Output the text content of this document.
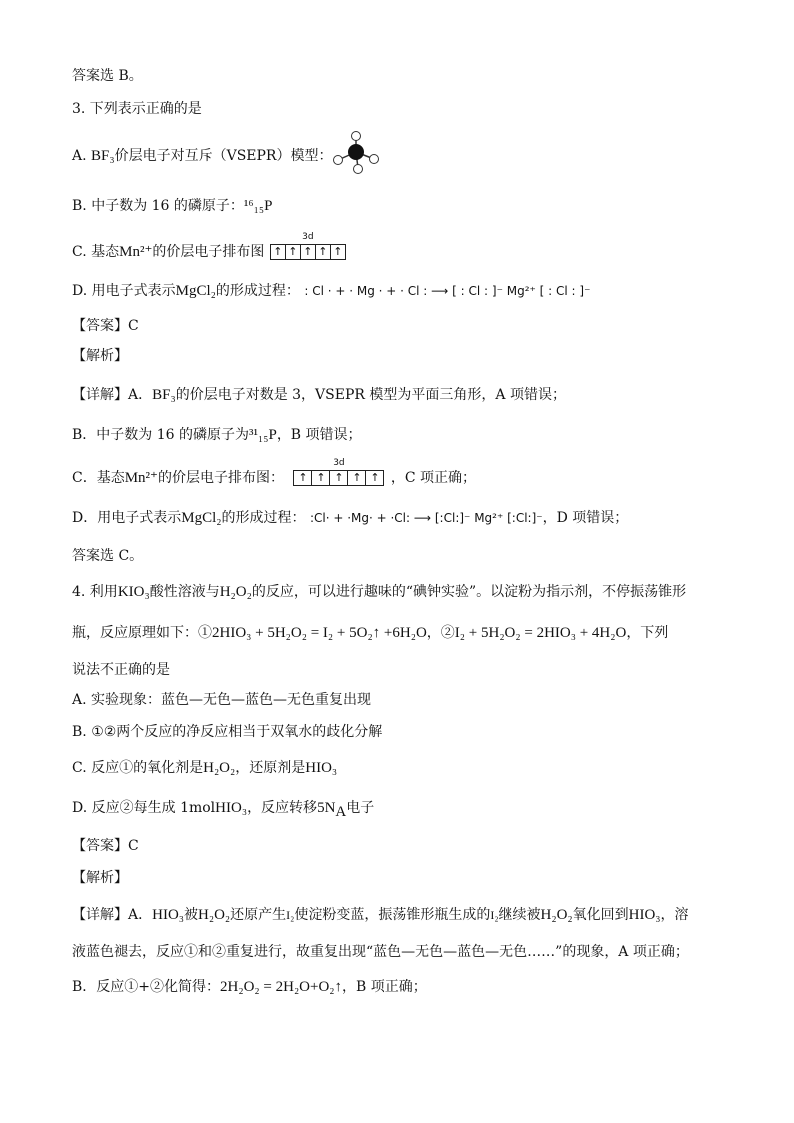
答案选 B。
3. 下列表示正确的是
A. BF₃价层电子对互斥（VSEPR）模型：
B. 中子数为 16 的磷原子：¹⁶₁₅P
C. 基态Mn²⁺的价层电子排布图
3d
↑ ↑ ↑ ↑ ↑
D. 用电子式表示MgCl₂的形成过程： : Cl · + · Mg · + · Cl : ⟶ [ : Cl : ]⁻ Mg²⁺ [ : Cl : ]⁻
【答案】C
【解析】
【详解】A．BF₃的价层电子对数是 3，VSEPR 模型为平面三角形，A 项错误；
B．中子数为 16 的磷原子为³¹₁₅P，B 项错误；
C．基态Mn²⁺的价层电子排布图：
3d
↑ ↑ ↑ ↑ ↑ ，C 项正确；
D．用电子式表示MgCl₂的形成过程： :Cl· + ·Mg· + ·Cl: ⟶ [:Cl:]⁻ Mg²⁺ [:Cl:]⁻，D 项错误；
答案选 C。
4. 利用KIO₃酸性溶液与H₂O₂的反应，可以进行趣味的“碘钟实验”。以淀粉为指示剂，不停振荡锥形
瓶，反应原理如下：①2HIO₃ + 5H₂O₂ = I₂ + 5O₂↑ +6H₂O，②I₂ + 5H₂O₂ = 2HIO₃ + 4H₂O，下列
说法不正确的是
A. 实验现象：蓝色—无色—蓝色—无色重复出现
B. ①②两个反应的净反应相当于双氧水的歧化分解
C. 反应①的氧化剂是H₂O₂，还原剂是HIO₃
D. 反应②每生成 1molHIO₃，反应转移$5N_A$电子
【答案】C
【解析】
【详解】A．HIO₃被H₂O₂还原产生I₂使淀粉变蓝，振荡锥形瓶生成的I₂继续被H₂O₂氧化回到HIO₃，溶
液蓝色褪去，反应①和②重复进行，故重复出现“蓝色—无色—蓝色—无色……”的现象，A 项正确；
B．反应①+②化简得：2H₂O₂ = 2H₂O+O₂↑，B 项正确；
